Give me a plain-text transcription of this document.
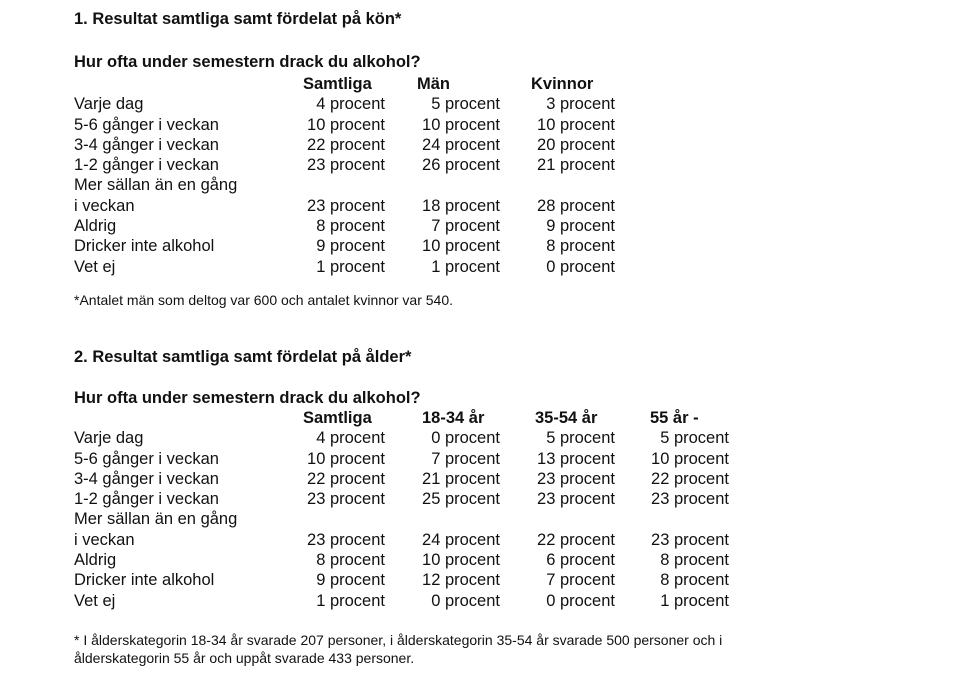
1. Resultat samtliga samt fördelat på kön*
Hur ofta under semestern drack du alkohol?
Samtliga	Män	Kvinnor
Varje dag	4 procent	5 procent	3 procent
5-6 gånger i veckan	10 procent 10 procent 10 procent
3-4 gånger i veckan	22 procent 24 procent 20 procent
1-2 gånger i veckan	23 procent 26 procent 21 procent
Mer sällan än en gång
i veckan	23 procent 18 procent 28 procent
Aldrig	8 procent	7 procent	9 procent
Dricker inte alkohol	9 procent 10 procent	8 procent
Vet ej	1 procent	1 procent	0 procent
*Antalet män som deltog var 600 och antalet kvinnor var 540.
2. Resultat samtliga samt fördelat på ålder*
Hur ofta under semestern drack du alkohol?
Samtliga	18-34 år	35-54 år	55 år -
Varje dag	4 procent	0 procent	5 procent	5 procent
5-6 gånger i veckan	10 procent	7 procent 13 procent 10 procent
3-4 gånger i veckan	22 procent 21 procent 23 procent 22 procent
1-2 gånger i veckan	23 procent 25 procent 23 procent 23 procent
Mer sällan än en gång
i veckan	23 procent 24 procent 22 procent 23 procent
Aldrig	8 procent 10 procent	6 procent	8 procent
Dricker inte alkohol	9 procent 12 procent	7 procent	8 procent
Vet ej	1 procent	0 procent	0 procent	1 procent
* I ålderskategorin 18-34 år svarade 207 personer, i ålderskategorin 35-54 år svarade 500 personer och i
ålderskategorin 55 år och uppåt svarade 433 personer.
